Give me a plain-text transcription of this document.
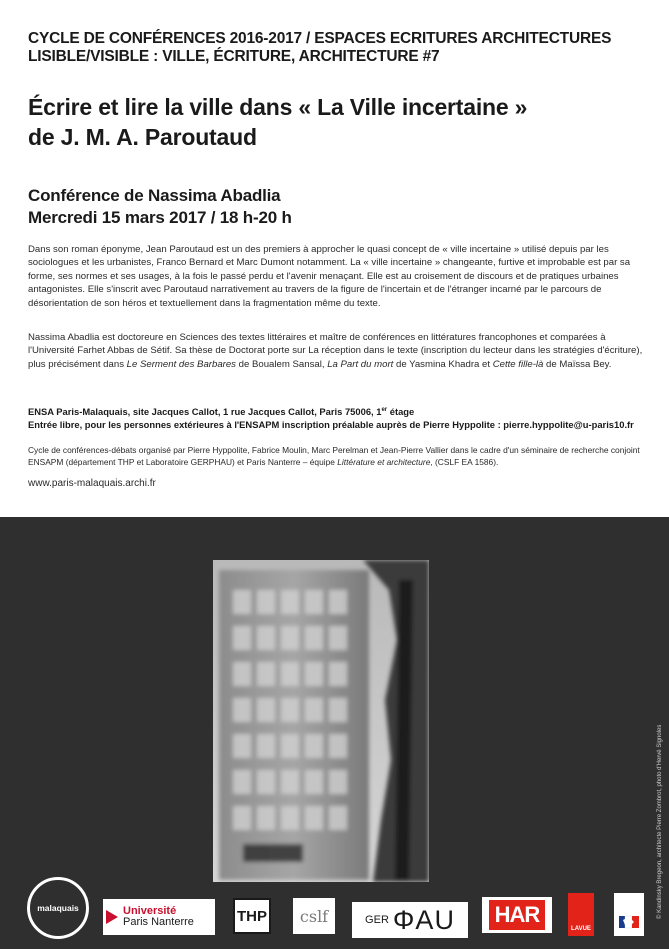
CYCLE DE CONFÉRENCES 2016-2017 / ESPACES ECRITURES ARCHITECTURES
LISIBLE/VISIBLE : VILLE, ÉCRITURE, ARCHITECTURE #7
Écrire et lire la ville dans « La Ville incertaine »
de J. M. A. Paroutaud
Conférence de Nassima Abadlia
Mercredi 15 mars 2017 / 18 h-20 h
Dans son roman éponyme, Jean Paroutaud est un des premiers à approcher le quasi concept de « ville incertaine » utilisé depuis par les sociologues et les urbanistes, Franco Bernard et Marc Dumont notamment. La « ville incertaine » changeante, furtive et improbable est par sa forme, ses normes et ses usages, à la fois le passé perdu et l'avenir menaçant. Elle est au croisement de discours et de pratiques urbaines antagonistes. Elle s'inscrit avec Paroutaud narrativement au travers de la figure de l'incertain et de l'étranger incarné par le parcours de désorientation de son héros et textuellement dans la fragmentation même du texte.
Nassima Abadlia est doctoreure en Sciences des textes littéraires et maître de conférences en littératures francophones et comparées à l'Université Farhet Abbas de Sétif. Sa thèse de Doctorat porte sur La réception dans le texte (inscription du lecteur dans les stratégies d'écriture), plus précisément dans Le Serment des Barbares de Boualem Sansal, La Part du mort de Yasmina Khadra et Cette fille-là de Maïssa Bey.
ENSA Paris-Malaquais, site Jacques Callot, 1 rue Jacques Callot, Paris 75006, 1er étage
Entrée libre, pour les personnes extérieures à l'ENSAPM inscription préalable auprès de Pierre Hyppolite : pierre.hyppolite@u-paris10.fr
Cycle de conférences-débats organisé par Pierre Hyppolite, Fabrice Moulin, Marc Perelman et Jean-Pierre Vallier dans le cadre d'un séminaire de recherche conjoint ENSAPM (département THP et Laboratoire GERPHAU) et Paris Nanterre – équipe Littérature et architecture, (CSLF EA 1586).
www.paris-malaquais.archi.fr
© Kandinsky Bregeon, architecte Pierre Zombrot, photo d'Hervé Signoles
malaquais	Université
Paris Nanterre	THP	cslf	GER ΦAU HAR
LAVUE
